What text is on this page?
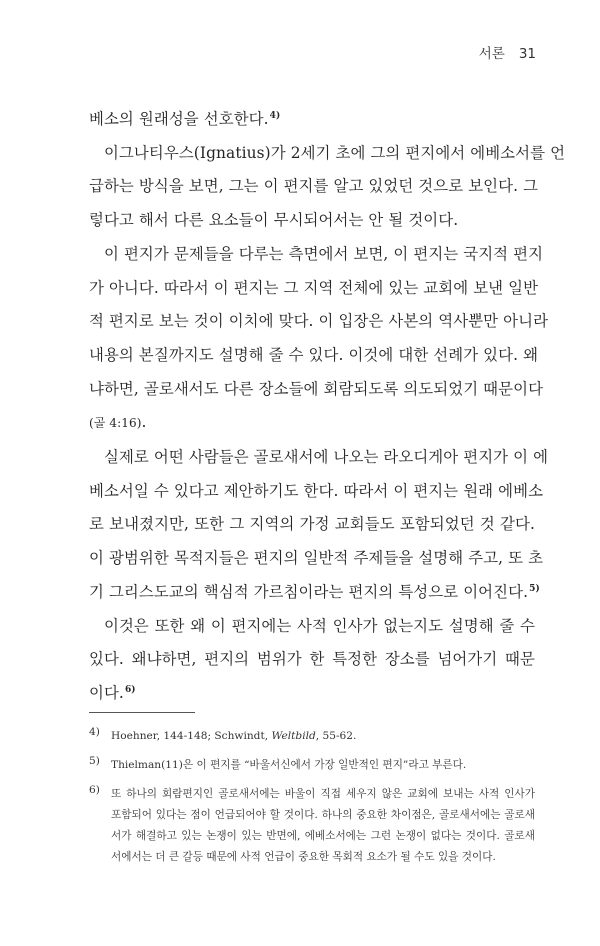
서론 31
베소의 원래성을 선호한다.$^{4)}$
이그나티우스(Ignatius)가 2세기 초에 그의 편지에서 에베소서를 언
급하는 방식을 보면, 그는 이 편지를 알고 있었던 것으로 보인다. 그
렇다고 해서 다른 요소들이 무시되어서는 안 될 것이다.
이 편지가 문제들을 다루는 측면에서 보면, 이 편지는 국지적 편지
가 아니다. 따라서 이 편지는 그 지역 전체에 있는 교회에 보낸 일반
적 편지로 보는 것이 이치에 맞다. 이 입장은 사본의 역사뿐만 아니라
내용의 본질까지도 설명해 줄 수 있다. 이것에 대한 선례가 있다. 왜
냐하면, 골로새서도 다른 장소들에 회람되도록 의도되었기 때문이다
(골 4:16).
실제로 어떤 사람들은 골로새서에 나오는 라오디게아 편지가 이 에
베소서일 수 있다고 제안하기도 한다. 따라서 이 편지는 원래 에베소
로 보내졌지만, 또한 그 지역의 가정 교회들도 포함되었던 것 같다.
이 광범위한 목적지들은 편지의 일반적 주제들을 설명해 주고, 또 초
기 그리스도교의 핵심적 가르침이라는 편지의 특성으로 이어진다.$^{5)}$
이것은 또한 왜 이 편지에는 사적 인사가 없는지도 설명해 줄 수
있다. 왜냐하면, 편지의 범위가 한 특정한 장소를 넘어가기 때문
이다.$^{6)}$
4)	Hoehner, 144-148; Schwindt, Weltbild, 55-62.
5)	Thielman(11)은 이 편지를 “바울서신에서 가장 일반적인 편지”라고 부른다.
6)	또 하나의 회람편지인 골로새서에는 바울이 직접 세우지 않은 교회에 보내는 사적 인사가
포함되어 있다는 점이 언급되어야 할 것이다. 하나의 중요한 차이점은, 골로새서에는 골로새
서가 해결하고 있는 논쟁이 있는 반면에, 에베소서에는 그런 논쟁이 없다는 것이다. 골로새
서에서는 더 큰 갈등 때문에 사적 언급이 중요한 목회적 요소가 될 수도 있을 것이다.
